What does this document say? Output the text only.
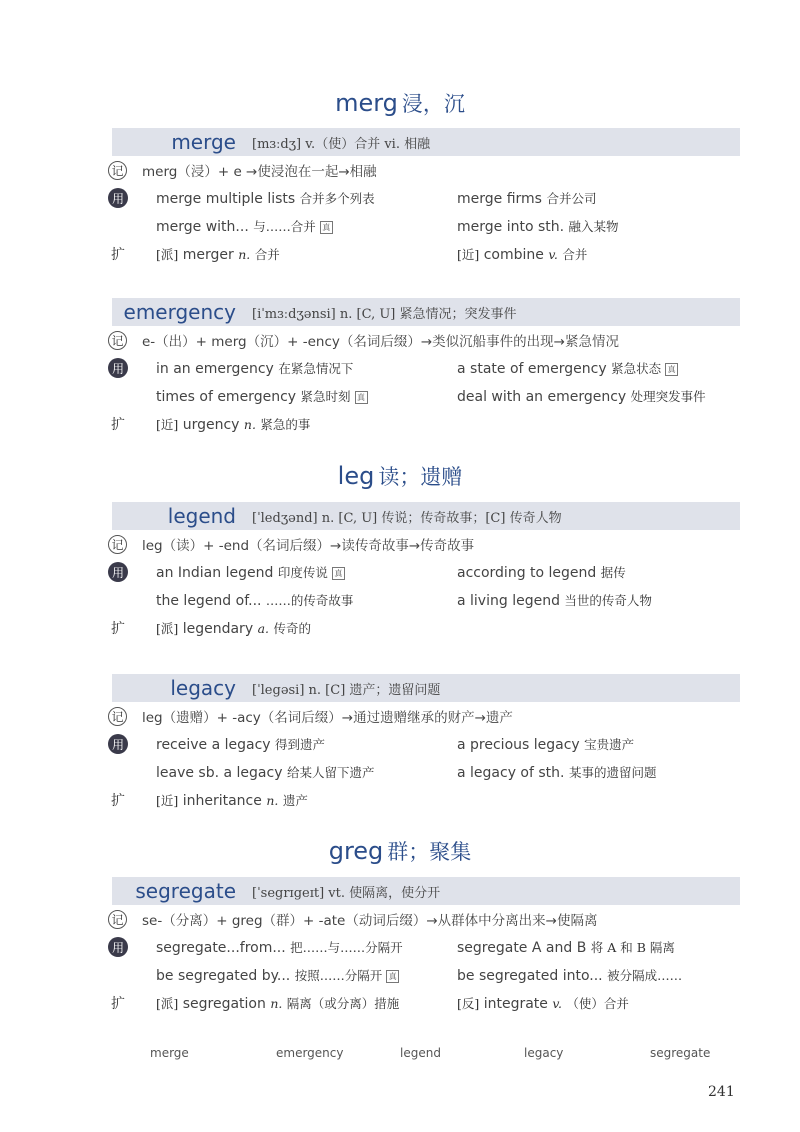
merg 浸，沉
merge	[mɜːdʒ] v.（使）合并 vi. 相融
记 merg（浸）+ e →使浸泡在一起→相融
用 merge multiple lists 合并多个列表	merge firms 合并公司
merge with... 与……合并 真	merge into sth. 融入某物
扩 [派] merger n. 合并	[近] combine v. 合并
emergency	[iˈmɜːdʒənsi] n. [C, U] 紧急情况；突发事件
记 e-（出）+ merg（沉）+ -ency（名词后缀）→类似沉船事件的出现→紧急情况
用 in an emergency 在紧急情况下	a state of emergency 紧急状态 真
times of emergency 紧急时刻 真	deal with an emergency 处理突发事件
扩 [近] urgency n. 紧急的事
leg 读；遗赠
legend	[ˈledʒənd] n. [C, U] 传说；传奇故事；[C] 传奇人物
记 leg（读）+ -end（名词后缀）→读传奇故事→传奇故事
用 an Indian legend 印度传说 真	according to legend 据传
the legend of... ……的传奇故事	a living legend 当世的传奇人物
扩 [派] legendary a. 传奇的
legacy	[ˈlegəsi] n. [C] 遗产；遗留问题
记 leg（遗赠）+ -acy（名词后缀）→通过遗赠继承的财产→遗产
用 receive a legacy 得到遗产	a precious legacy 宝贵遗产
leave sb. a legacy 给某人留下遗产	a legacy of sth. 某事的遗留问题
扩 [近] inheritance n. 遗产
greg 群；聚集
segregate	[ˈsegrɪgeɪt] vt. 使隔离，使分开
记 se-（分离）+ greg（群）+ -ate（动词后缀）→从群体中分离出来→使隔离
用 segregate...from... 把……与……分隔开	segregate A and B 将 A 和 B 隔离
be segregated by... 按照……分隔开 真	be segregated into... 被分隔成……
扩 [派] segregation n. 隔离（或分离）措施	[反] integrate v. （使）合并
merge	emergency	legend	legacy	segregate
241
